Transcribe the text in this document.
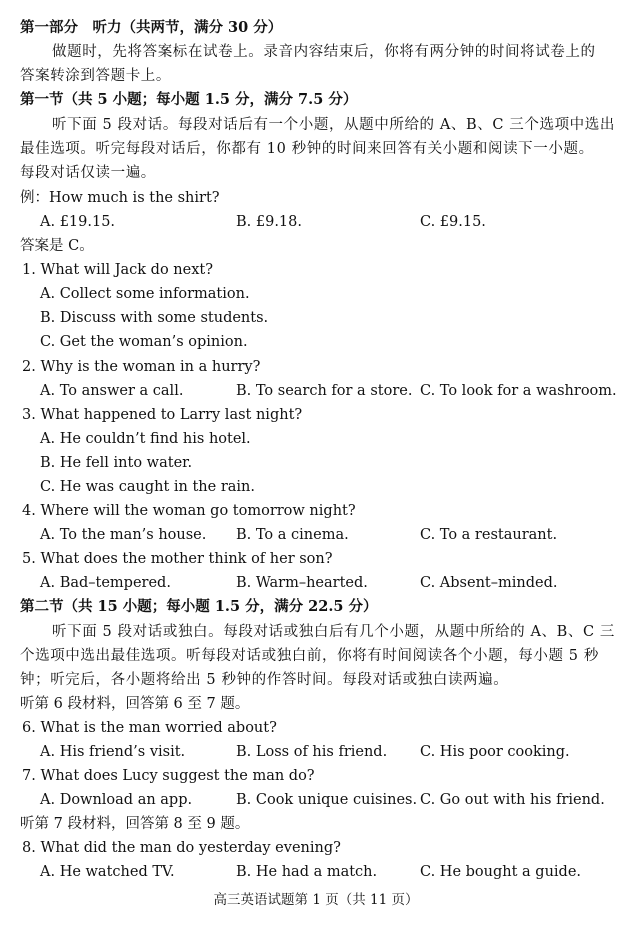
第一部分　听力（共两节，满分 30 分）
做题时，先将答案标在试卷上。录音内容结束后，你将有两分钟的时间将试卷上的
答案转涂到答题卡上。
第一节（共 5 小题；每小题 1.5 分，满分 7.5 分）
听下面 5 段对话。每段对话后有一个小题，从题中所给的 A、B、C 三个选项中选出
最佳选项。听完每段对话后，你都有 10 秒钟的时间来回答有关小题和阅读下一小题。
每段对话仅读一遍。
例：How much is the shirt?
A. £19.15.	B. £9.18.	C. £9.15.
答案是 C。
1. What will Jack do next?
A. Collect some information.
B. Discuss with some students.
C. Get the woman’s opinion.
2. Why is the woman in a hurry?
A. To answer a call.	B. To search for a store. C. To look for a washroom.
3. What happened to Larry last night?
A. He couldn’t find his hotel.
B. He fell into water.
C. He was caught in the rain.
4. Where will the woman go tomorrow night?
A. To the man’s house. B. To a cinema.	C. To a restaurant.
5. What does the mother think of her son?
A. Bad–tempered.	B. Warm–hearted.	C. Absent–minded.
第二节（共 15 小题；每小题 1.5 分，满分 22.5 分）
听下面 5 段对话或独白。每段对话或独白后有几个小题，从题中所给的 A、B、C 三
个选项中选出最佳选项。听每段对话或独白前，你将有时间阅读各个小题，每小题 5 秒
钟；听完后，各小题将给出 5 秒钟的作答时间。每段对话或独白读两遍。
听第 6 段材料，回答第 6 至 7 题。
6. What is the man worried about?
A. His friend’s visit.	B. Loss of his friend. C. His poor cooking.
7. What does Lucy suggest the man do?
A. Download an app.	B. Cook unique cuisines. C. Go out with his friend.
听第 7 段材料，回答第 8 至 9 题。
8. What did the man do yesterday evening?
A. He watched TV.	B. He had a match.	C. He bought a guide.
高三英语试题第 1 页（共 11 页）
